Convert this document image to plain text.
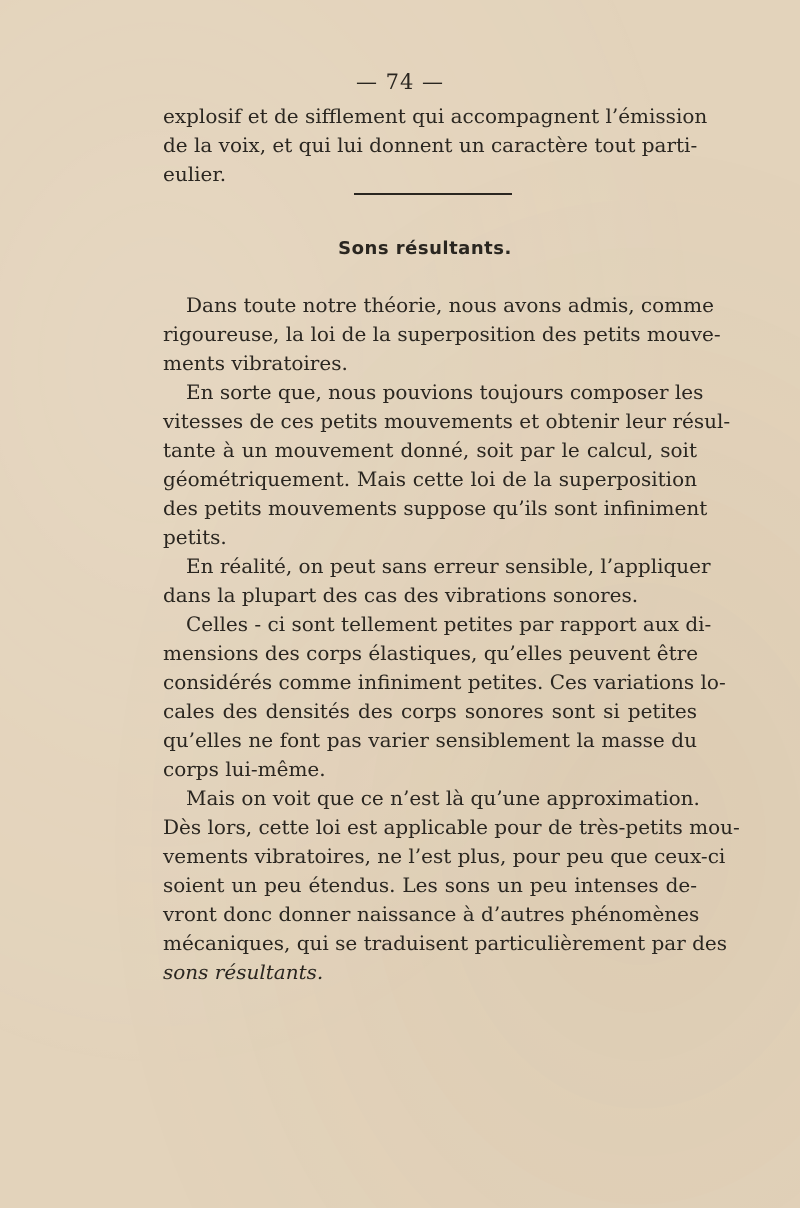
— 74 —
explosif et de sifflement qui accompagnent l’émission
de la voix, et qui lui donnent un caractère tout parti-
eulier.
Sons résultants.
Dans toute notre théorie, nous avons admis, comme
rigoureuse, la loi de la superposition des petits mouve-
ments vibratoires.
En sorte que, nous pouvions toujours composer les
vitesses de ces petits mouvements et obtenir leur résul-
tante à un mouvement donné, soit par le calcul, soit
géométriquement. Mais cette loi de la superposition
des petits mouvements suppose qu’ils sont infiniment
petits.
En réalité, on peut sans erreur sensible, l’appliquer
dans la plupart des cas des vibrations sonores.
Celles - ci sont tellement petites par rapport aux di-
mensions des corps élastiques, qu’elles peuvent être
considérés comme infiniment petites. Ces variations lo-
cales des densités des corps sonores sont si petites
qu’elles ne font pas varier sensiblement la masse du
corps lui-même.
Mais on voit que ce n’est là qu’une approximation.
Dès lors, cette loi est applicable pour de très-petits mou-
vements vibratoires, ne l’est plus, pour peu que ceux-ci
soient un peu étendus. Les sons un peu intenses de-
vront donc donner naissance à d’autres phénomènes
mécaniques, qui se traduisent particulièrement par des
sons résultants.
